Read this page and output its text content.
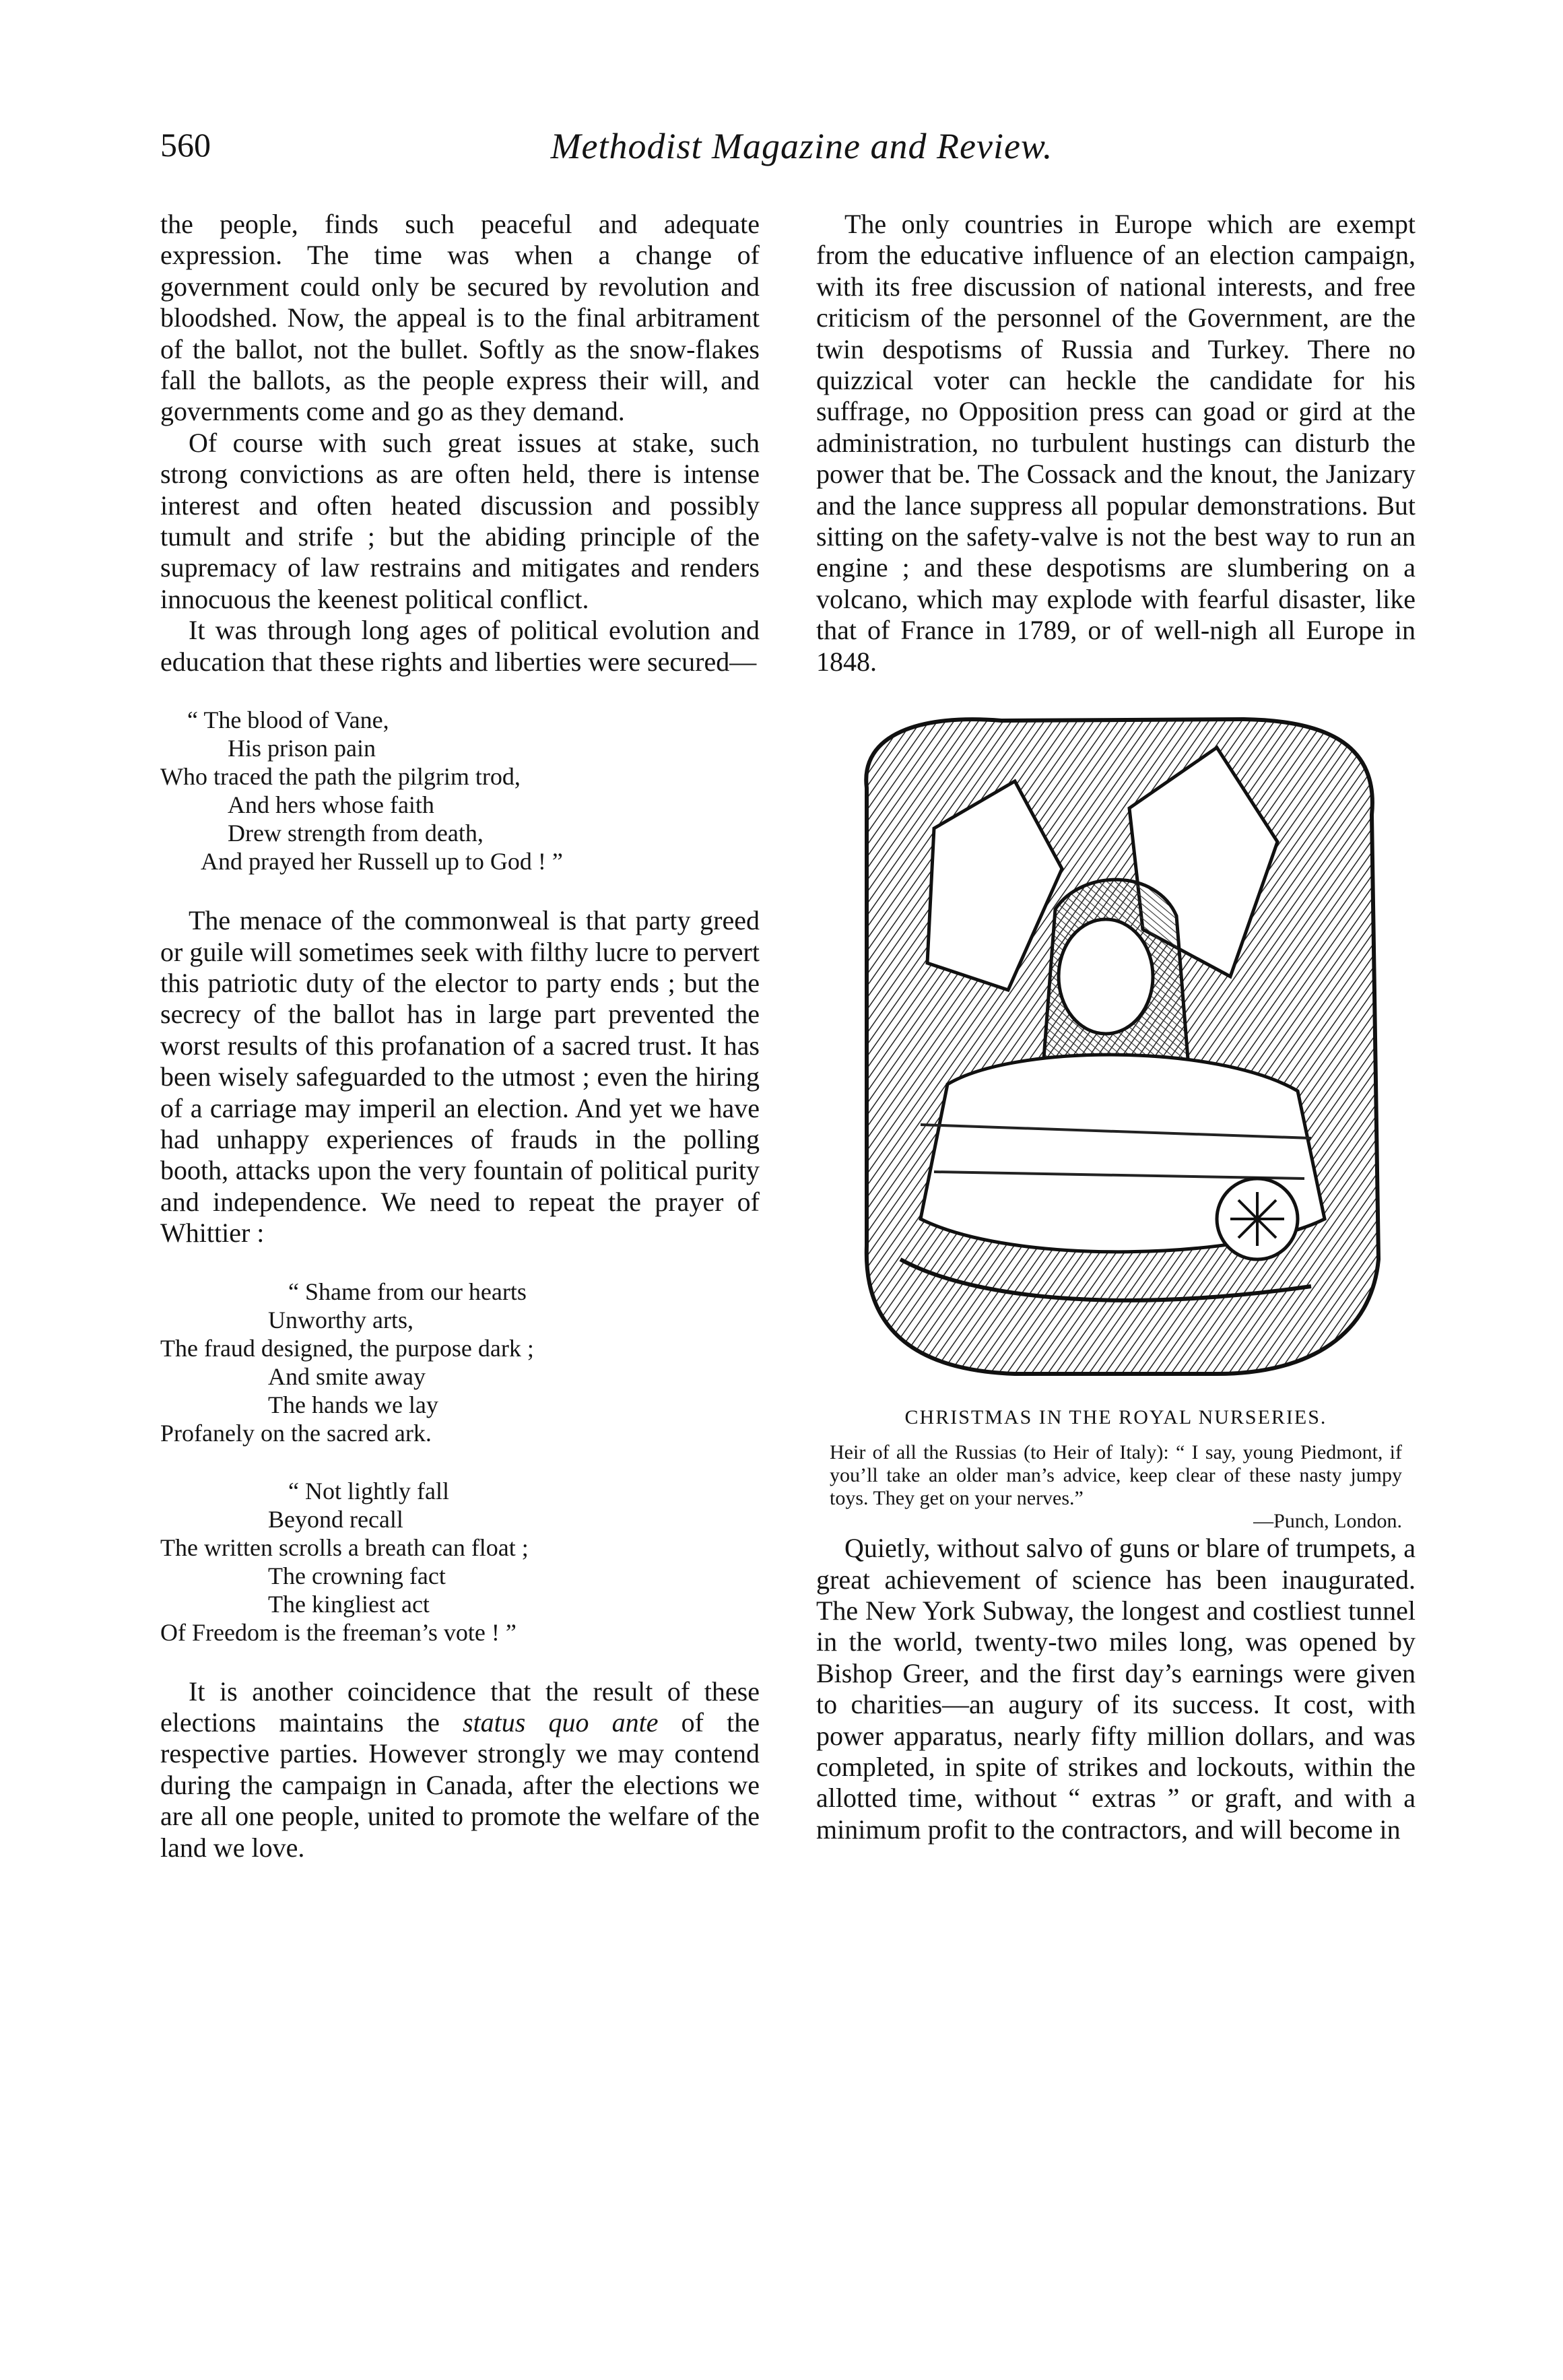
560	Methodist Magazine and Review.

the people, finds such peaceful and adequate expression. The time was when a change of government could only be secured by revolution and bloodshed. Now, the appeal is to the final arbitrament of the ballot, not the bullet. Softly as the snow-flakes fall the ballots, as the people express their will, and governments come and go as they demand.

Of course with such great issues at stake, such strong convictions as are often held, there is intense interest and often heated discussion and possibly tumult and strife ; but the abiding principle of the supremacy of law restrains and mitigates and renders innocuous the keenest political conflict.

It was through long ages of political evolution and education that these rights and liberties were secured—

“ The blood of Vane,
His prison pain
Who traced the path the pilgrim trod,
And hers whose faith
Drew strength from death,
And prayed her Russell up to God ! ”

The menace of the commonweal is that party greed or guile will sometimes seek with filthy lucre to pervert this patriotic duty of the elector to party ends ; but the secrecy of the ballot has in large part prevented the worst results of this profanation of a sacred trust. It has been wisely safeguarded to the utmost ; even the hiring of a carriage may imperil an election. And yet we have had unhappy experiences of frauds in the polling booth, attacks upon the very fountain of political purity and independence. We need to repeat the prayer of Whittier :

“ Shame from our hearts
Unworthy arts,
The fraud designed, the purpose dark ;
And smite away
The hands we lay
Profanely on the sacred ark.
“ Not lightly fall
Beyond recall
The written scrolls a breath can float ;
The crowning fact
The kingliest act
Of Freedom is the freeman’s vote ! ”

It is another coincidence that the result of these elections maintains the status quo ante of the respective parties. However strongly we may contend during the campaign in Canada, after the elections we are all one people, united to promote the welfare of the land we love.

The only countries in Europe which are exempt from the educative influence of an election campaign, with its free discussion of national interests, and free criticism of the personnel of the Government, are the twin despotisms of Russia and Turkey. There no quizzical voter can heckle the candidate for his suffrage, no Opposition press can goad or gird at the administration, no turbulent hustings can disturb the power that be. The Cossack and the knout, the Janizary and the lance suppress all popular demonstrations. But sitting on the safety-valve is not the best way to run an engine ; and these despotisms are slumbering on a volcano, which may explode with fearful disaster, like that of France in 1789, or of well-nigh all Europe in 1848.

CHRISTMAS IN THE ROYAL NURSERIES.
Heir of all the Russias (to Heir of Italy): “ I say, young Piedmont, if you’ll take an older man’s advice, keep clear of these nasty jumpy toys. They get on your nerves.”
—Punch, London.

Quietly, without salvo of guns or blare of trumpets, a great achievement of science has been inaugurated. The New York Subway, the longest and costliest tunnel in the world, twenty-two miles long, was opened by Bishop Greer, and the first day’s earnings were given to charities—an augury of its success. It cost, with power apparatus, nearly fifty million dollars, and was completed, in spite of strikes and lockouts, within the allotted time, without “ extras ” or graft, and with a minimum profit to the contractors, and will become in
